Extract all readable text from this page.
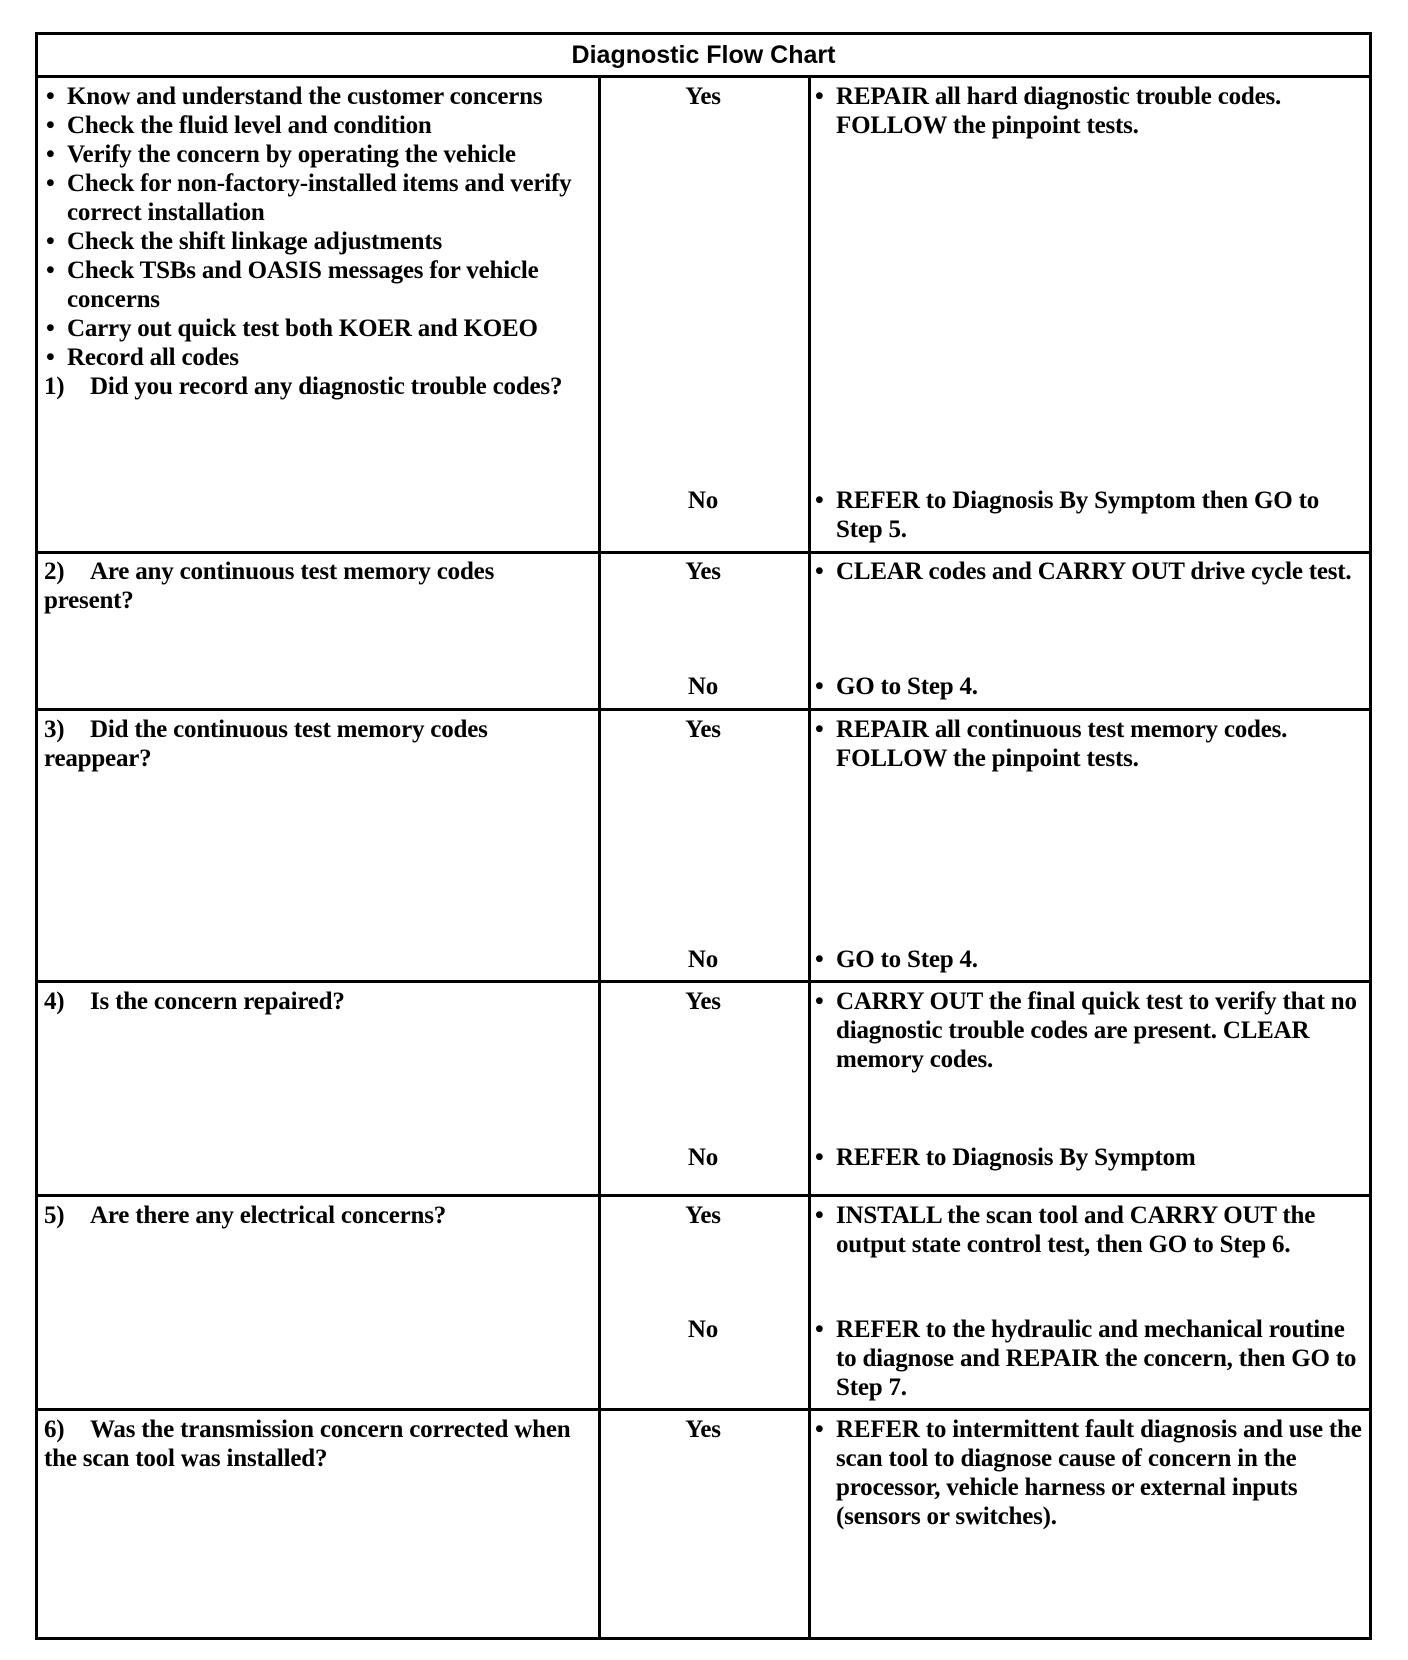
Diagnostic Flow Chart
• Know and understand the customer concerns
• Check the fluid level and condition
• Verify the concern by operating the vehicle
• Check for non-factory-installed items and verify correct installation
• Check the shift linkage adjustments
• Check TSBs and OASIS messages for vehicle concerns
• Carry out quick test both KOER and KOEO
• Record all codes
1) Did you record any diagnostic trouble codes?
Yes	• REPAIR all hard diagnostic trouble codes. FOLLOW the pinpoint tests.
No	• REFER to Diagnosis By Symptom then GO to Step 5.
2) Are any continuous test memory codes present?
Yes	• CLEAR codes and CARRY OUT drive cycle test.
No	• GO to Step 4.
3) Did the continuous test memory codes reappear?
Yes	• REPAIR all continuous test memory codes. FOLLOW the pinpoint tests.
No	• GO to Step 4.
4) Is the concern repaired?	Yes	• CARRY OUT the final quick test to verify that no diagnostic trouble codes are present. CLEAR memory codes.
No	• REFER to Diagnosis By Symptom
5) Are there any electrical concerns?	Yes	• INSTALL the scan tool and CARRY OUT the output state control test, then GO to Step 6.
No	• REFER to the hydraulic and mechanical routine to diagnose and REPAIR the concern, then GO to Step 7.
6) Was the transmission concern corrected when the scan tool was installed?
Yes	• REFER to intermittent fault diagnosis and use the scan tool to diagnose cause of concern in the processor, vehicle harness or external inputs (sensors or switches).
